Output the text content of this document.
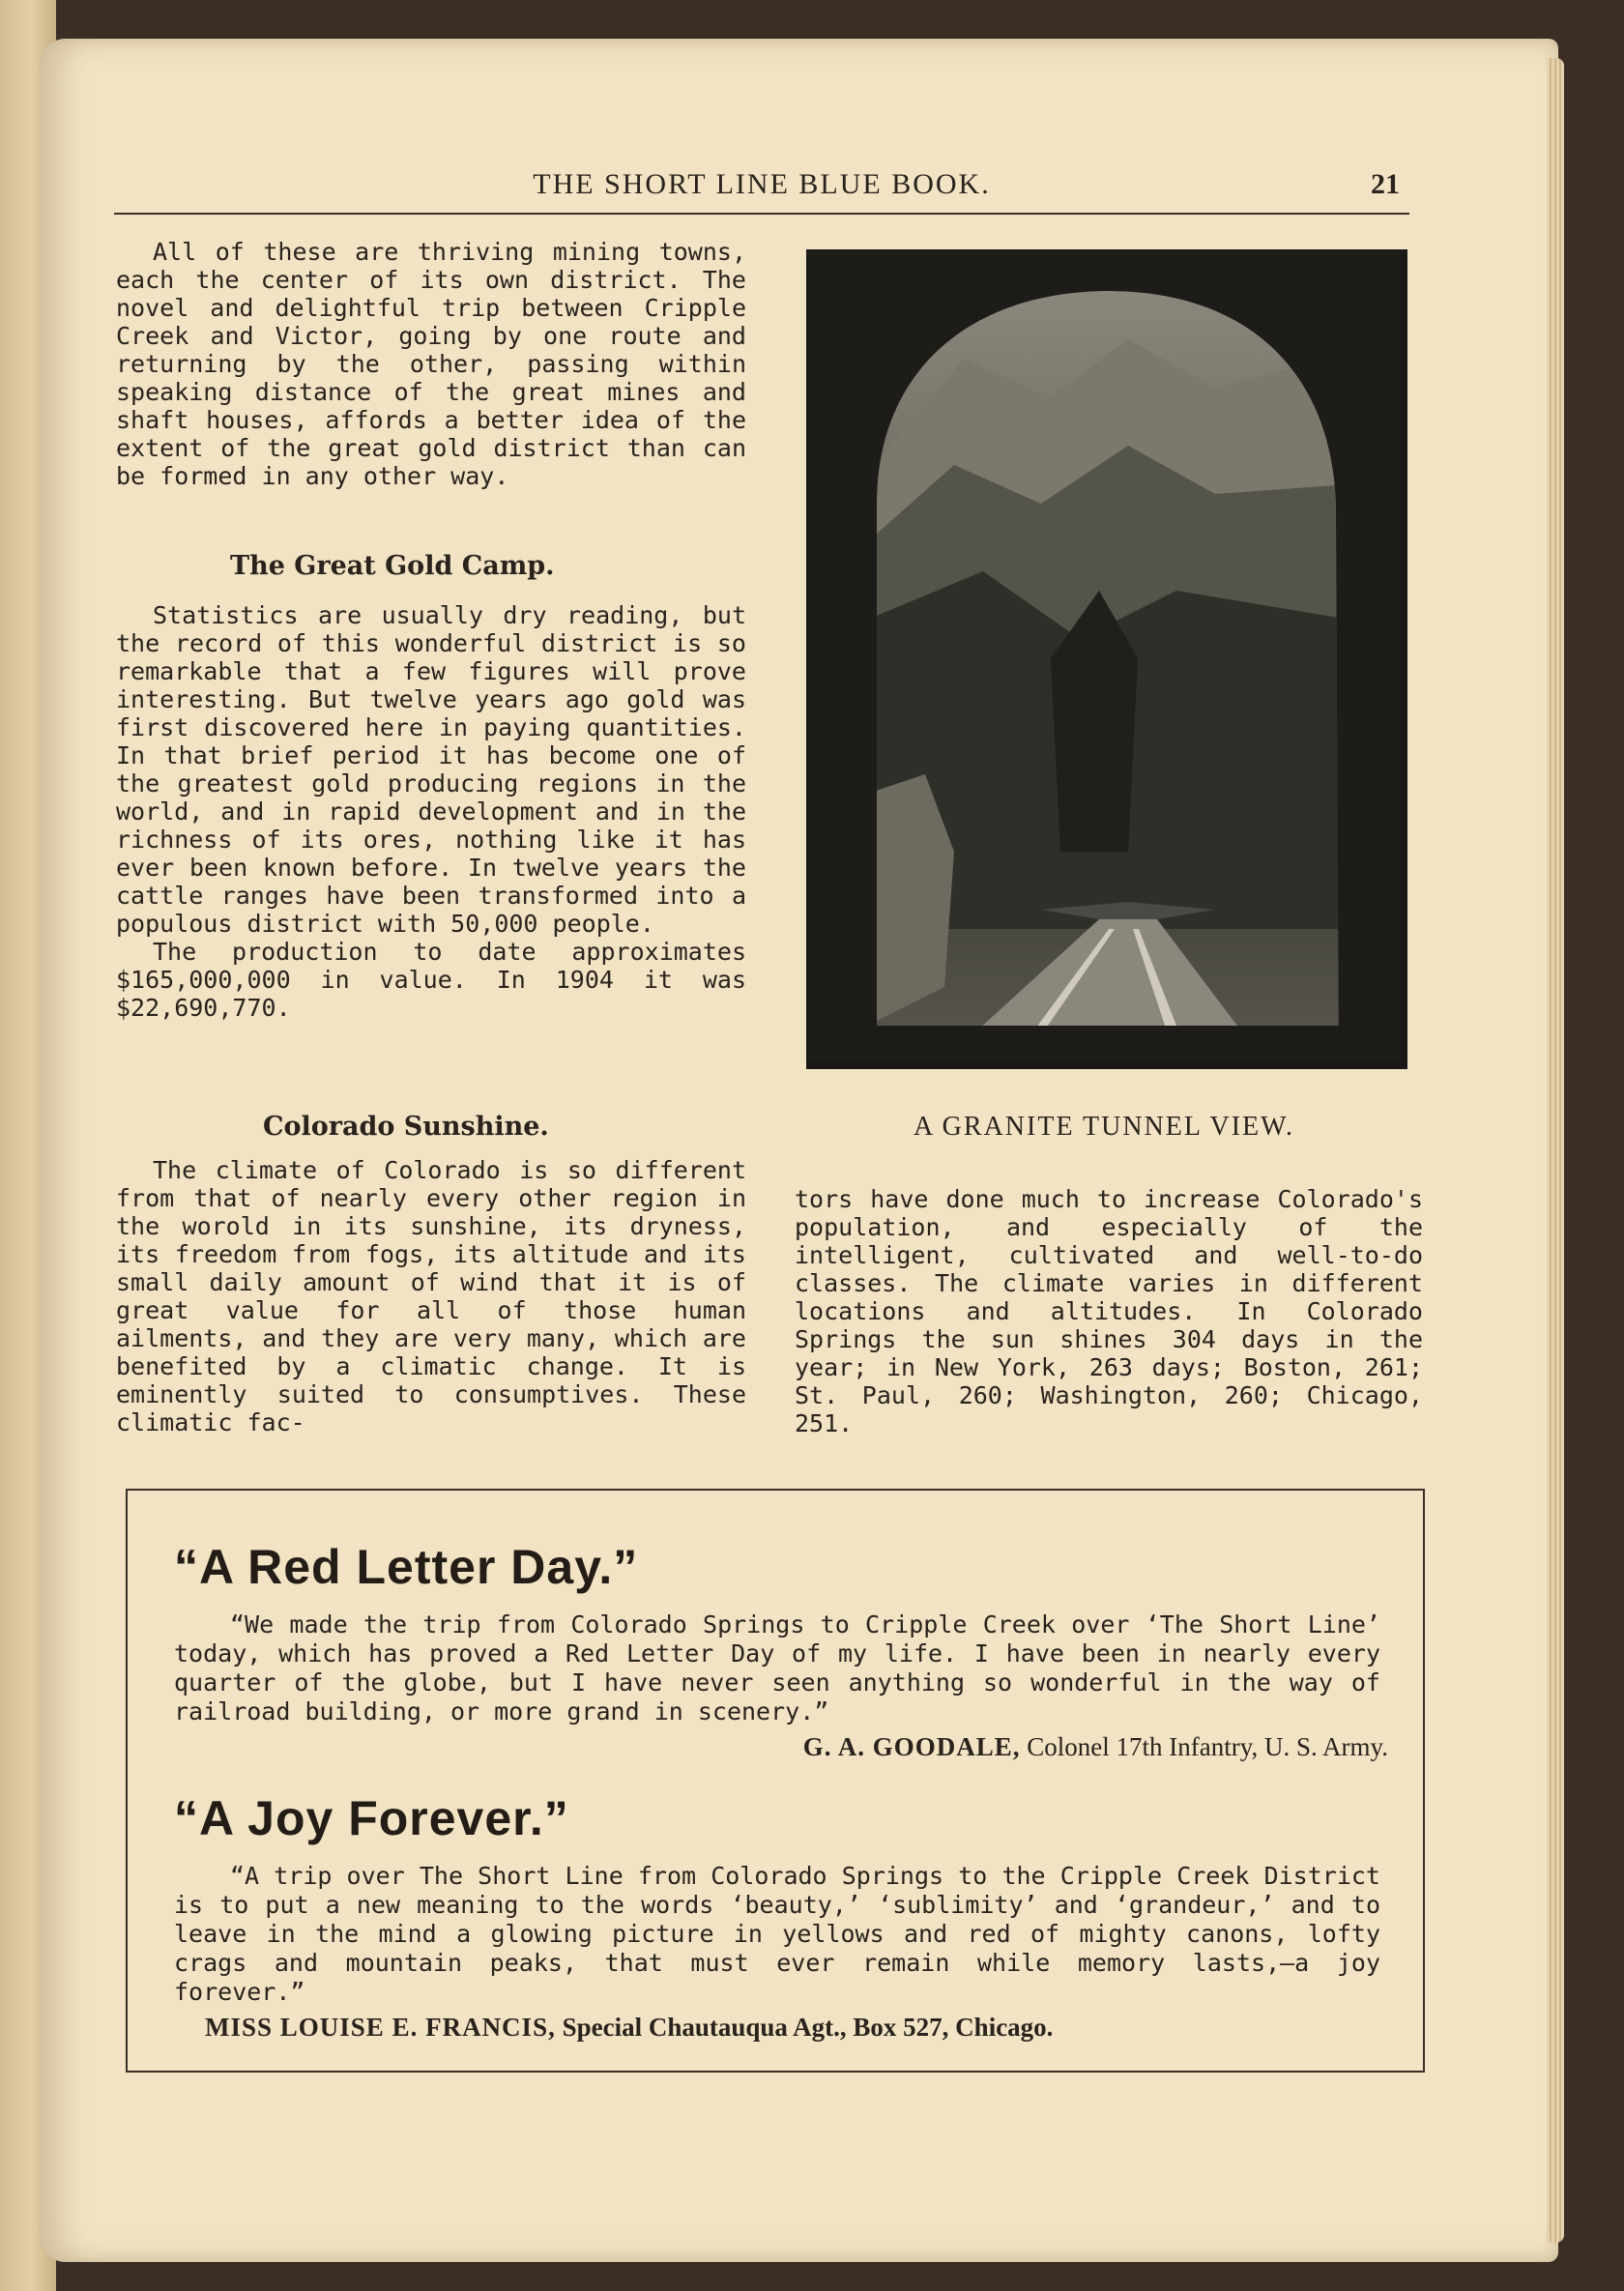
THE SHORT LINE BLUE BOOK.	21

All of these are thriving mining towns, each the center of its own district. The novel and delightful trip between Cripple Creek and Victor, going by one route and returning by the other, passing within speaking distance of the great mines and shaft houses, affords a better idea of the extent of the great gold district than can be formed in any other way.

The Great Gold Camp.

Statistics are usually dry reading, but the record of this wonderful district is so remarkable that a few figures will prove interesting. But twelve years ago gold was first discovered here in paying quantities. In that brief period it has become one of the greatest gold producing regions in the world, and in rapid development and in the richness of its ores, nothing like it has ever been known before. In twelve years the cattle ranges have been transformed into a populous district with 50,000 people.

The production to date approximates $165,000,000 in value. In 1904 it was $22,690,770.

Colorado Sunshine.

The climate of Colorado is so different from that of nearly every other region in the worold in its sunshine, its dryness, its freedom from fogs, its altitude and its small daily amount of wind that it is of great value for all of those human ailments, and they are very many, which are benefited by a climatic change. It is eminently suited to consumptives. These climatic fac-

A GRANITE TUNNEL VIEW.

tors have done much to increase Colorado's population, and especially of the intelligent, cultivated and well-to-do classes. The climate varies in different locations and altitudes. In Colorado Springs the sun shines 304 days in the year; in New York, 263 days; Boston, 261; St. Paul, 260; Washington, 260; Chicago, 251.

“A Red Letter Day.”
“We made the trip from Colorado Springs to Cripple Creek over ‘The Short Line’ today, which has proved a Red Letter Day of my life. I have been in nearly every quarter of the globe, but I have never seen anything so wonderful in the way of railroad building, or more grand in scenery.”
G. A. GOODALE, Colonel 17th Infantry, U. S. Army.
“A Joy Forever.”
“A trip over The Short Line from Colorado Springs to the Cripple Creek District is to put a new meaning to the words ‘beauty,’ ‘sublimity’ and ‘grandeur,’ and to leave in the mind a glowing picture in yellows and red of mighty canons, lofty crags and mountain peaks, that must ever remain while memory lasts,—a joy forever.”
MISS LOUISE E. FRANCIS, Special Chautauqua Agt., Box 527, Chicago.
